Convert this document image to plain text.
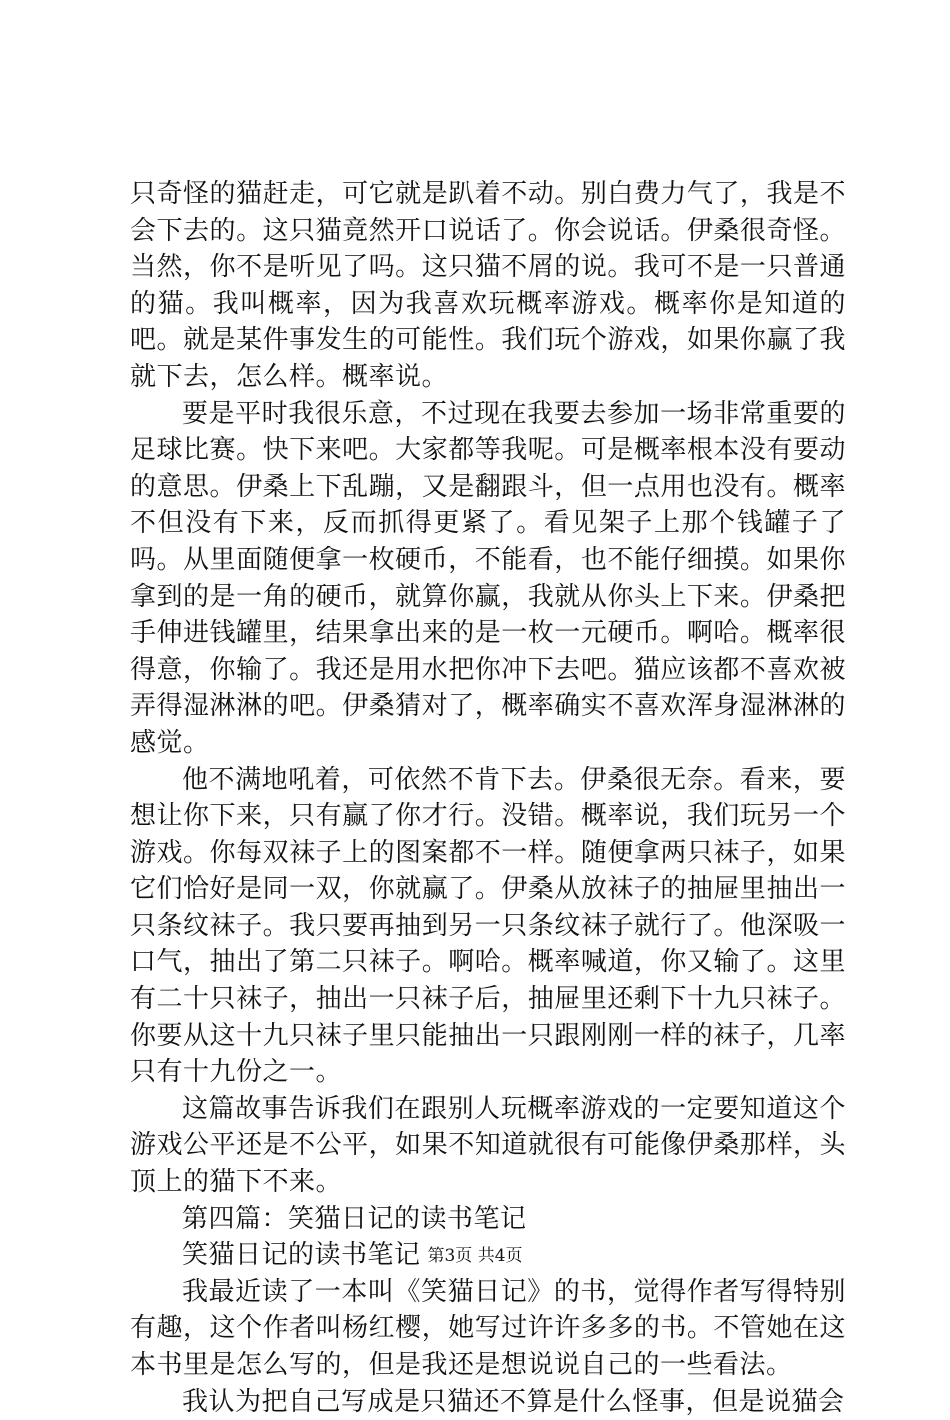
只奇怪的猫赶走，可它就是趴着不动。别白费力气了，我是不会下去的。这只猫竟然开口说话了。你会说话。伊桑很奇怪。当然，你不是听见了吗。这只猫不屑的说。我可不是一只普通的猫。我叫概率，因为我喜欢玩概率游戏。概率你是知道的吧。就是某件事发生的可能性。我们玩个游戏，如果你赢了我就下去，怎么样。概率说。

要是平时我很乐意，不过现在我要去参加一场非常重要的足球比赛。快下来吧。大家都等我呢。可是概率根本没有要动的意思。伊桑上下乱蹦，又是翻跟斗，但一点用也没有。概率不但没有下来，反而抓得更紧了。看见架子上那个钱罐子了吗。从里面随便拿一枚硬币，不能看，也不能仔细摸。如果你拿到的是一角的硬币，就算你赢，我就从你头上下来。伊桑把手伸进钱罐里，结果拿出来的是一枚一元硬币。啊哈。概率很得意，你输了。我还是用水把你冲下去吧。猫应该都不喜欢被弄得湿淋淋的吧。伊桑猜对了，概率确实不喜欢浑身湿淋淋的感觉。

他不满地吼着，可依然不肯下去。伊桑很无奈。看来，要想让你下来，只有赢了你才行。没错。概率说，我们玩另一个游戏。你每双袜子上的图案都不一样。随便拿两只袜子，如果它们恰好是同一双，你就赢了。伊桑从放袜子的抽屉里抽出一只条纹袜子。我只要再抽到另一只条纹袜子就行了。他深吸一口气，抽出了第二只袜子。啊哈。概率喊道，你又输了。这里有二十只袜子，抽出一只袜子后，抽屉里还剩下十九只袜子。你要从这十九只袜子里只能抽出一只跟刚刚一样的袜子，几率只有十九份之一。

这篇故事告诉我们在跟别人玩概率游戏的一定要知道这个游戏公平还是不公平，如果不知道就很有可能像伊桑那样，头顶上的猫下不来。

第四篇：笑猫日记的读书笔记

笑猫日记的读书笔记

我最近读了一本叫《笑猫日记》的书，觉得作者写得特别有趣，这个作者叫杨红樱，她写过许许多多的书。不管她在这本书里是怎么写的，但是我还是想说说自己的一些看法。

我认为把自己写成是只猫还不算是什么怪事，但是说猫会

第3页 共4页
